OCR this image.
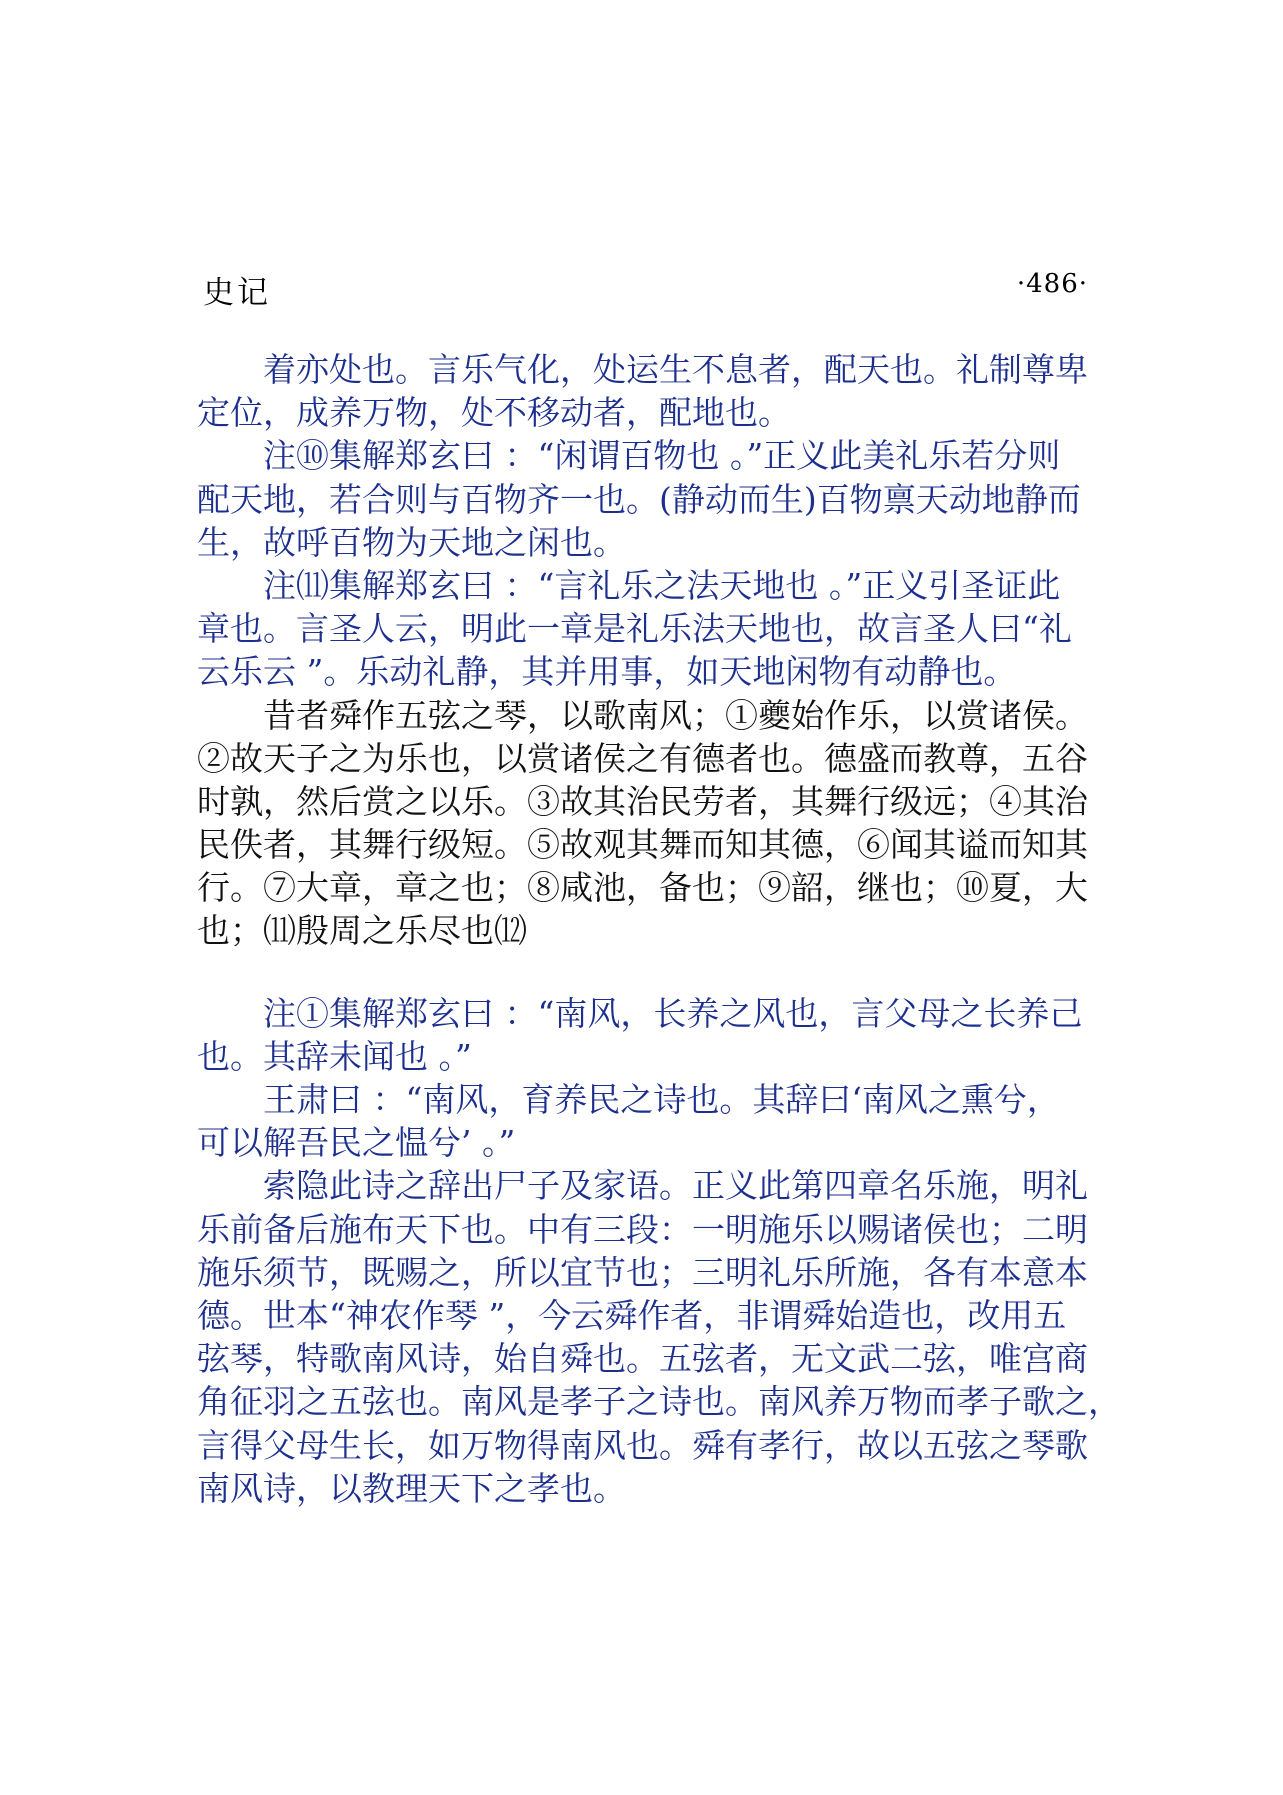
史记	·486·
着亦处也。言乐气化，处运生不息者，配天也。礼制尊卑
定位，成养万物，处不移动者，配地也。
注⑩集解郑玄曰 ：“闲谓百物也 。”正义此美礼乐若分则
配天地，若合则与百物齐一也。(静动而生)百物禀天动地静而
生，故呼百物为天地之闲也。
注⑾集解郑玄曰 ：“言礼乐之法天地也 。”正义引圣证此
章也。言圣人云，明此一章是礼乐法天地也，故言圣人曰“礼
云乐云 ”。乐动礼静，其并用事，如天地闲物有动静也。
昔者舜作五弦之琴，以歌南风；①夔始作乐，以赏诸侯。
②故天子之为乐也，以赏诸侯之有德者也。德盛而教尊，五谷
时孰，然后赏之以乐。③故其治民劳者，其舞行级远；④其治
民佚者，其舞行级短。⑤故观其舞而知其德，⑥闻其谥而知其
行。⑦大章，章之也；⑧咸池，备也；⑨韶，继也；⑩夏，大
也；⑾殷周之乐尽也⑿
注①集解郑玄曰 ：“南风，长养之风也，言父母之长养己
也。其辞未闻也 。”
王肃曰 ：“南风，育养民之诗也。其辞曰‘南风之熏兮，
可以解吾民之愠兮’ 。”
索隐此诗之辞出尸子及家语。正义此第四章名乐施，明礼
乐前备后施布天下也。中有三段：一明施乐以赐诸侯也；二明
施乐须节，既赐之，所以宜节也；三明礼乐所施，各有本意本
德。世本“神农作琴 ”，今云舜作者，非谓舜始造也，改用五
弦琴，特歌南风诗，始自舜也。五弦者，无文武二弦，唯宫商
角征羽之五弦也。南风是孝子之诗也。南风养万物而孝子歌之，
言得父母生长，如万物得南风也。舜有孝行，故以五弦之琴歌
南风诗，以教理天下之孝也。
